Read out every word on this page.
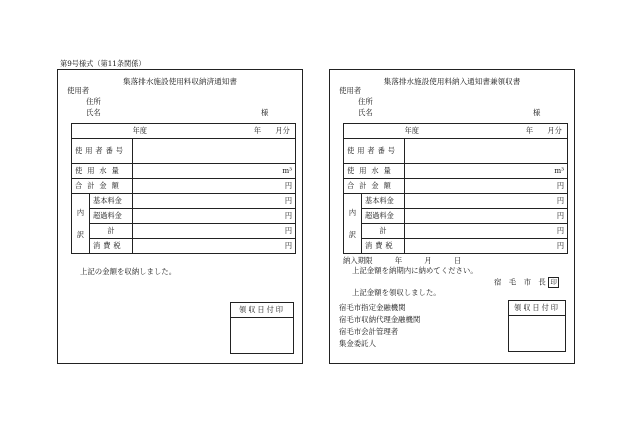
第9号様式（第11条関係）
集落排水施設使用料収納済通知書
使用者
住所
氏名	様
		年度 年　　月分
使用者番号		
使用水量		m³
合計金額		円

内
訳	基本料金	円
	超過料金	円
	計	円
	消費税	円
上記の金額を収納しました。
領収日付印
集落排水施設使用料納入通知書兼領収書
使用者
住所
氏名	様
		年度 年　　月分
使用者番号		
使用水量		m³
合計金額		円

内
訳	基本料金	円
	超過料金	円
	計	円
	消費税	円
納入期限　　　年　　　月　　　日
上記金額を納期内に納めてください。
宿　毛　市　長 印
上記金額を領収しました。
宿毛市指定金融機関
宿毛市収納代理金融機関
宿毛市会計管理者
集金委託人
領収日付印
